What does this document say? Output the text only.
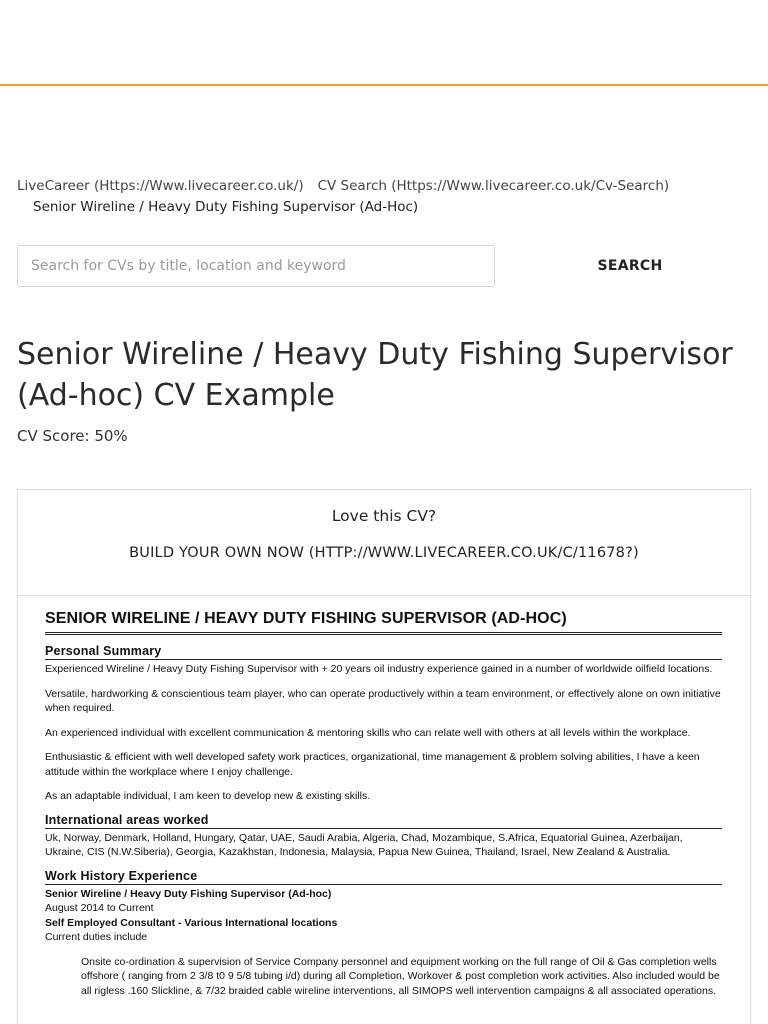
LiveCareer (Https://Www.livecareer.co.uk/) CV Search (Https://Www.livecareer.co.uk/Cv-Search)
Senior Wireline / Heavy Duty Fishing Supervisor (Ad-Hoc)
Search for CVs by title, location and keyword
SEARCH
Senior Wireline / Heavy Duty Fishing Supervisor (Ad-hoc) CV Example
CV Score: 50%
Love this CV?
BUILD YOUR OWN NOW (HTTP://WWW.LIVECAREER.CO.UK/C/11678?)
SENIOR WIRELINE / HEAVY DUTY FISHING SUPERVISOR (AD-HOC)
Personal Summary

Experienced Wireline / Heavy Duty Fishing Supervisor with + 20 years oil industry experience gained in a number of worldwide oilfield locations.

Versatile, hardworking & conscientious team player, who can operate productively within a team environment, or effectively alone on own initiative when required.

An experienced individual with excellent communication & mentoring skills who can relate well with others at all levels within the workplace.

Enthusiastic & efficient with well developed safety work practices, organizational, time management & problem solving abilities, I have a keen attitude within the workplace where I enjoy challenge.

As an adaptable individual, I am keen to develop new & existing skills.

International areas worked

Uk, Norway, Denmark, Holland, Hungary, Qatar, UAE, Saudi Arabia, Algeria, Chad, Mozambique, S.Africa, Equatorial Guinea, Azerbaijan, Ukraine, CIS (N.W.Siberia), Georgia, Kazakhstan, Indonesia, Malaysia, Papua New Guinea, Thailand, Israel, New Zealand & Australia.

Work History Experience
Senior Wireline / Heavy Duty Fishing Supervisor (Ad-hoc)
August 2014 to Current
Self Employed Consultant - Various International locations
Current duties include

Onsite co-ordination & supervision of Service Company personnel and equipment working on the full range of Oil & Gas completion wells offshore ( ranging from 2 3/8 t0 9 5/8 tubing i/d) during all Completion, Workover & post completion work activities. Also included would be all rigless .160 Slickline, & 7/32 braided cable wireline interventions, all SIMOPS well intervention campaigns & all associated operations.
